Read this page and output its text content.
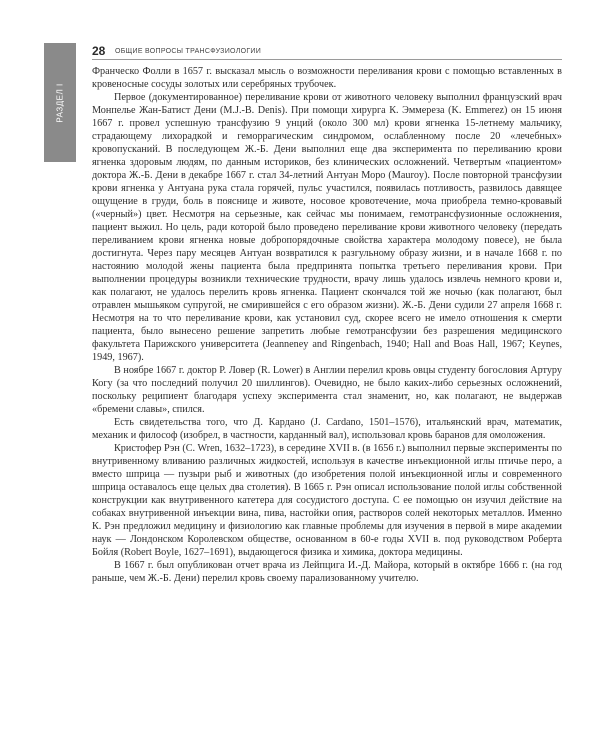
РАЗДЕЛ I
28 ОБЩИЕ ВОПРОСЫ ТРАНСФУЗИОЛОГИИ

Франческо Фолли в 1657 г. высказал мысль о возможности переливания крови с помощью вставленных в кровеносные сосуды золотых или серебряных трубочек.

Первое (документированное) переливание крови от животного человеку выполнил французский врач Монпелье Жан-Батист Дени (M.J.-B. Denis). При помощи хирурга К. Эммереза (K. Emmerez) он 15 июня 1667 г. провел успешную трансфузию 9 унций (около 300 мл) крови ягненка 15-летнему мальчику, страдающему лихорадкой и геморрагическим синдромом, ослабленному после 20 «лечебных» кровопусканий. В последующем Ж.-Б. Дени выполнил еще два эксперимента по переливанию крови ягненка здоровым людям, по данным историков, без клинических осложнений. Четвертым «пациентом» доктора Ж.-Б. Дени в декабре 1667 г. стал 34-летний Антуан Моро (Mauroy). После повторной трансфузии крови ягненка у Антуана рука стала горячей, пульс участился, появилась потливость, развилось давящее ощущение в груди, боль в пояснице и животе, носовое кровотечение, моча приобрела темно-кровавый («черный») цвет. Несмотря на серьезные, как сейчас мы понимаем, гемотрансфузионные осложнения, пациент выжил. Но цель, ради которой было проведено переливание крови животного человеку (передать переливанием крови ягненка новые добропорядочные свойства характера молодому повесе), не была достигнута. Через пару месяцев Антуан возвратился к разгульному образу жизни, и в начале 1668 г. по настоянию молодой жены пациента была предпринята попытка третьего переливания крови. При выполнении процедуры возникли технические трудности, врачу лишь удалось извлечь немного крови и, как полагают, не удалось перелить кровь ягненка. Пациент скончался той же ночью (как полагают, был отравлен мышьяком супругой, не смирившейся с его образом жизни). Ж.-Б. Дени судили 27 апреля 1668 г. Несмотря на то что переливание крови, как установил суд, скорее всего не имело отношения к смерти пациента, было вынесено решение запретить любые гемотрансфузии без разрешения медицинского факультета Парижского университета (Jeanneney and Ringenbach, 1940; Hall and Boas Hall, 1967; Keynes, 1949, 1967).

В ноябре 1667 г. доктор Р. Ловер (R. Lower) в Англии перелил кровь овцы студенту богословия Артуру Когу (за что последний получил 20 шиллингов). Очевидно, не было каких-либо серьезных осложнений, поскольку реципиент благодаря успеху эксперимента стал знаменит, но, как полагают, не выдержав «бремени славы», спился.

Есть свидетельства того, что Д. Кардано (J. Cardano, 1501–1576), итальянский врач, математик, механик и философ (изобрел, в частности, карданный вал), использовал кровь баранов для омоложения.

Кристофер Рэн (C. Wren, 1632–1723), в середине XVII в. (в 1656 г.) выполнил первые эксперименты по внутривенному вливанию различных жидкостей, используя в качестве инъекционной иглы птичье перо, а вместо шприца — пузыри рыб и животных (до изобретения полой инъекционной иглы и современного шприца оставалось еще целых два столетия). В 1665 г. Рэн описал использование полой иглы собственной конструкции как внутривенного катетера для сосудистого доступа. С ее помощью он изучил действие на собаках внутривенной инъекции вина, пива, настойки опия, растворов солей некоторых металлов. Именно К. Рэн предложил медицину и физиологию как главные проблемы для изучения в первой в мире академии наук — Лондонском Королевском обществе, основанном в 60-е годы XVII в. под руководством Роберта Бойля (Robert Boyle, 1627–1691), выдающегося физика и химика, доктора медицины.

В 1667 г. был опубликован отчет врача из Лейпцига И.-Д. Майора, который в октябре 1666 г. (на год раньше, чем Ж.-Б. Дени) перелил кровь своему парализованному учителю.
